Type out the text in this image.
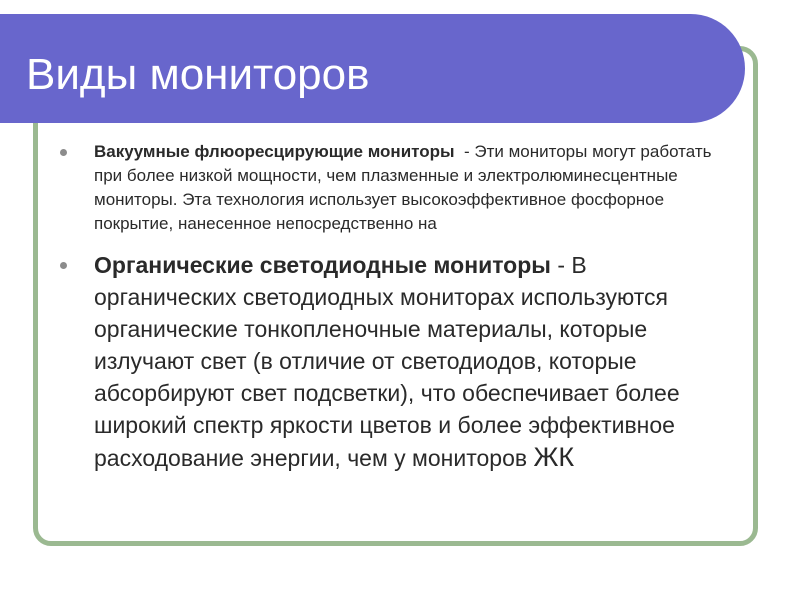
Виды мониторов
Вакуумные флюоресцирующие мониторы  - Эти мониторы могут работать при более низкой мощности, чем плазменные и электролюминесцентные мониторы. Эта технология использует высокоэффективное фосфорное покрытие, нанесенное непосредственно на
Органические светодиодные мониторы - В органических светодиодных мониторах используются органические тонкопленочные материалы, которые излучают свет (в отличие от светодиодов, которые абсорбируют свет подсветки), что обеспечивает более широкий спектр яркости цветов и более эффективное расходование энергии, чем у мониторов ЖК
